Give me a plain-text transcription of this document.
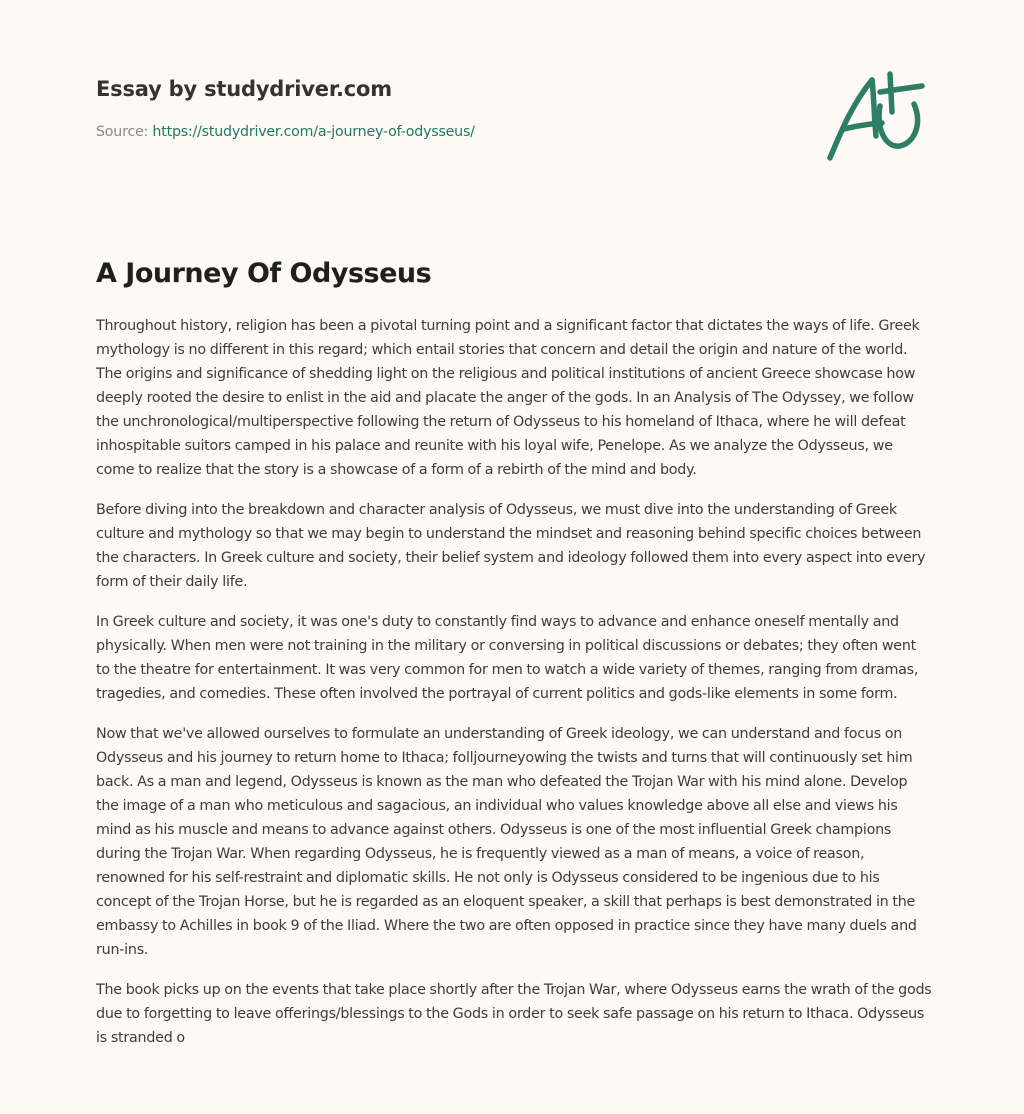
Essay by studydriver.com
Source: https://studydriver.com/a-journey-of-odysseus/
A Journey Of Odysseus

Throughout history, religion has been a pivotal turning point and a significant factor that dictates the ways of life. Greek mythology is no different in this regard; which entail stories that concern and detail the origin and nature of the world. The origins and significance of shedding light on the religious and political institutions of ancient Greece showcase how deeply rooted the desire to enlist in the aid and placate the anger of the gods. In an Analysis of The Odyssey, we follow the unchronological/multiperspective following the return of Odysseus to his homeland of Ithaca, where he will defeat inhospitable suitors camped in his palace and reunite with his loyal wife, Penelope. As we analyze the Odysseus, we come to realize that the story is a showcase of a form of a rebirth of the mind and body.

Before diving into the breakdown and character analysis of Odysseus, we must dive into the understanding of Greek culture and mythology so that we may begin to understand the mindset and reasoning behind specific choices between the characters. In Greek culture and society, their belief system and ideology followed them into every aspect into every form of their daily life.

In Greek culture and society, it was one's duty to constantly find ways to advance and enhance oneself mentally and physically. When men were not training in the military or conversing in political discussions or debates; they often went to the theatre for entertainment. It was very common for men to watch a wide variety of themes, ranging from dramas, tragedies, and comedies. These often involved the portrayal of current politics and gods-like elements in some form.

Now that we've allowed ourselves to formulate an understanding of Greek ideology, we can understand and focus on Odysseus and his journey to return home to Ithaca; folljourneyowing the twists and turns that will continuously set him back. As a man and legend, Odysseus is known as the man who defeated the Trojan War with his mind alone. Develop the image of a man who meticulous and sagacious, an individual who values knowledge above all else and views his mind as his muscle and means to advance against others. Odysseus is one of the most influential Greek champions during the Trojan War. When regarding Odysseus, he is frequently viewed as a man of means, a voice of reason, renowned for his self-restraint and diplomatic skills. He not only is Odysseus considered to be ingenious due to his concept of the Trojan Horse, but he is regarded as an eloquent speaker, a skill that perhaps is best demonstrated in the embassy to Achilles in book 9 of the Iliad. Where the two are often opposed in practice since they have many duels and run-ins.

The book picks up on the events that take place shortly after the Trojan War, where Odysseus earns the wrath of the gods due to forgetting to leave offerings/blessings to the Gods in order to seek safe passage on his return to Ithaca. Odysseus is stranded o
